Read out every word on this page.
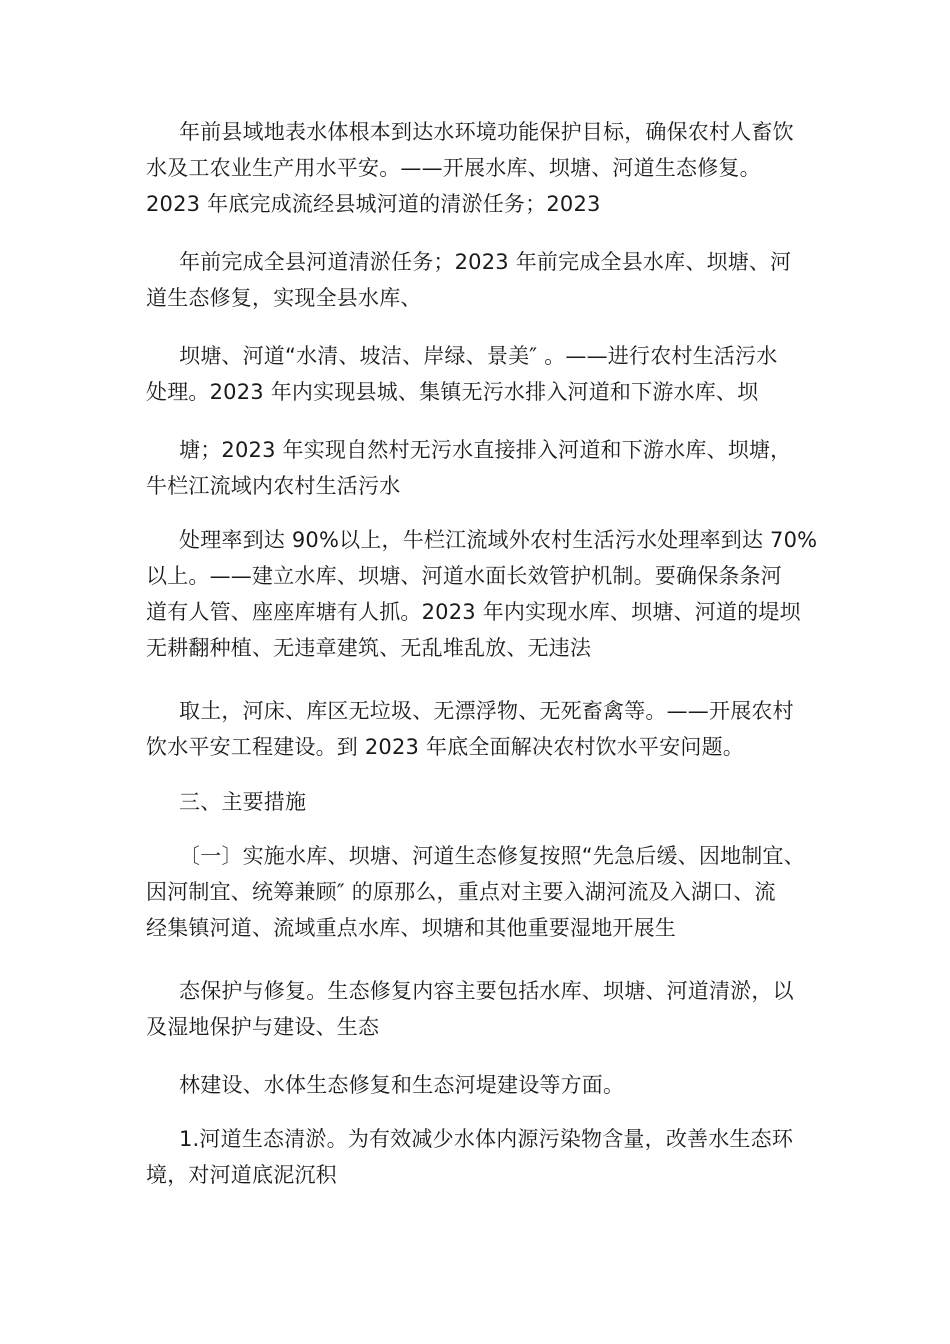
年前县域地表水体根本到达水环境功能保护目标，确保农村人畜饮
水及工农业生产用水平安。——开展水库、坝塘、河道生态修复。
2023 年底完成流经县城河道的清淤任务；2023
年前完成全县河道清淤任务；2023 年前完成全县水库、坝塘、河
道生态修复，实现全县水库、
坝塘、河道“水清、坡洁、岸绿、景美″ 。——进行农村生活污水
处理。2023 年内实现县城、集镇无污水排入河道和下游水库、坝
塘；2023 年实现自然村无污水直接排入河道和下游水库、坝塘，
牛栏江流域内农村生活污水
处理率到达 90%以上，牛栏江流域外农村生活污水处理率到达 70%
以上。——建立水库、坝塘、河道水面长效管护机制。要确保条条河
道有人管、座座库塘有人抓。2023 年内实现水库、坝塘、河道的堤坝
无耕翻种植、无违章建筑、无乱堆乱放、无违法
取土，河床、库区无垃圾、无漂浮物、无死畜禽等。——开展农村
饮水平安工程建设。到 2023 年底全面解决农村饮水平安问题。
三、主要措施
〔一〕实施水库、坝塘、河道生态修复按照“先急后缓、因地制宜、
因河制宜、统筹兼顾″ 的原那么，重点对主要入湖河流及入湖口、流
经集镇河道、流域重点水库、坝塘和其他重要湿地开展生
态保护与修复。生态修复内容主要包括水库、坝塘、河道清淤，以
及湿地保护与建设、生态
林建设、水体生态修复和生态河堤建设等方面。
1.河道生态清淤。为有效减少水体内源污染物含量，改善水生态环
境，对河道底泥沉积
